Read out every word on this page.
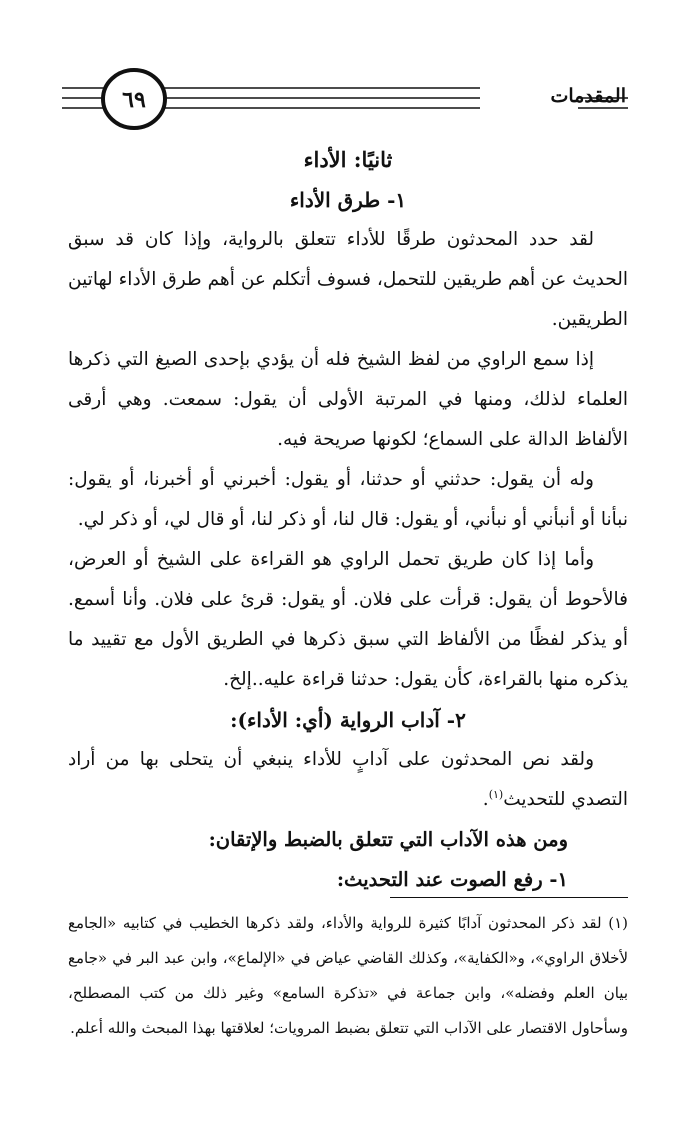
٦٩	المقدمات

ثانيًا: الأداء

١- طرق الأداء

لقد حدد المحدثون طرقًا للأداء تتعلق بالرواية، وإذا كان قد سبق الحديث عن أهم طريقين للتحمل، فسوف أتكلم عن أهم طرق الأداء لهاتين الطريقين.

إذا سمع الراوي من لفظ الشيخ فله أن يؤدي بإحدى الصيغ التي ذكرها العلماء لذلك، ومنها في المرتبة الأولى أن يقول: سمعت. وهي أرقى الألفاظ الدالة على السماع؛ لكونها صريحة فيه.

وله أن يقول: حدثني أو حدثنا، أو يقول: أخبرني أو أخبرنا، أو يقول: نبأنا أو أنبأني أو نبأني، أو يقول: قال لنا، أو ذكر لنا، أو قال لي، أو ذكر لي.

وأما إذا كان طريق تحمل الراوي هو القراءة على الشيخ أو العرض، فالأحوط أن يقول: قرأت على فلان. أو يقول: قرئ على فلان. وأنا أسمع. أو يذكر لفظًا من الألفاظ التي سبق ذكرها في الطريق الأول مع تقييد ما يذكره منها بالقراءة، كأن يقول: حدثنا قراءة عليه..إلخ.

٢- آداب الرواية (أي: الأداء):

ولقد نص المحدثون على آدابٍ للأداء ينبغي أن يتحلى بها من أراد التصدي للتحديث$^{(١)}$.

ومن هذه الآداب التي تتعلق بالضبط والإتقان:

١- رفع الصوت عند التحديث:

(١) لقد ذكر المحدثون آدابًا كثيرة للرواية والأداء، ولقد ذكرها الخطيب في كتابيه «الجامع لأخلاق الراوي»، و«الكفاية»، وكذلك القاضي عياض في «الإلماع»، وابن عبد البر في «جامع بيان العلم وفضله»، وابن جماعة في «تذكرة السامع» وغير ذلك من كتب المصطلح، وسأحاول الاقتصار على الآداب التي تتعلق بضبط المرويات؛ لعلاقتها بهذا المبحث والله أعلم.
